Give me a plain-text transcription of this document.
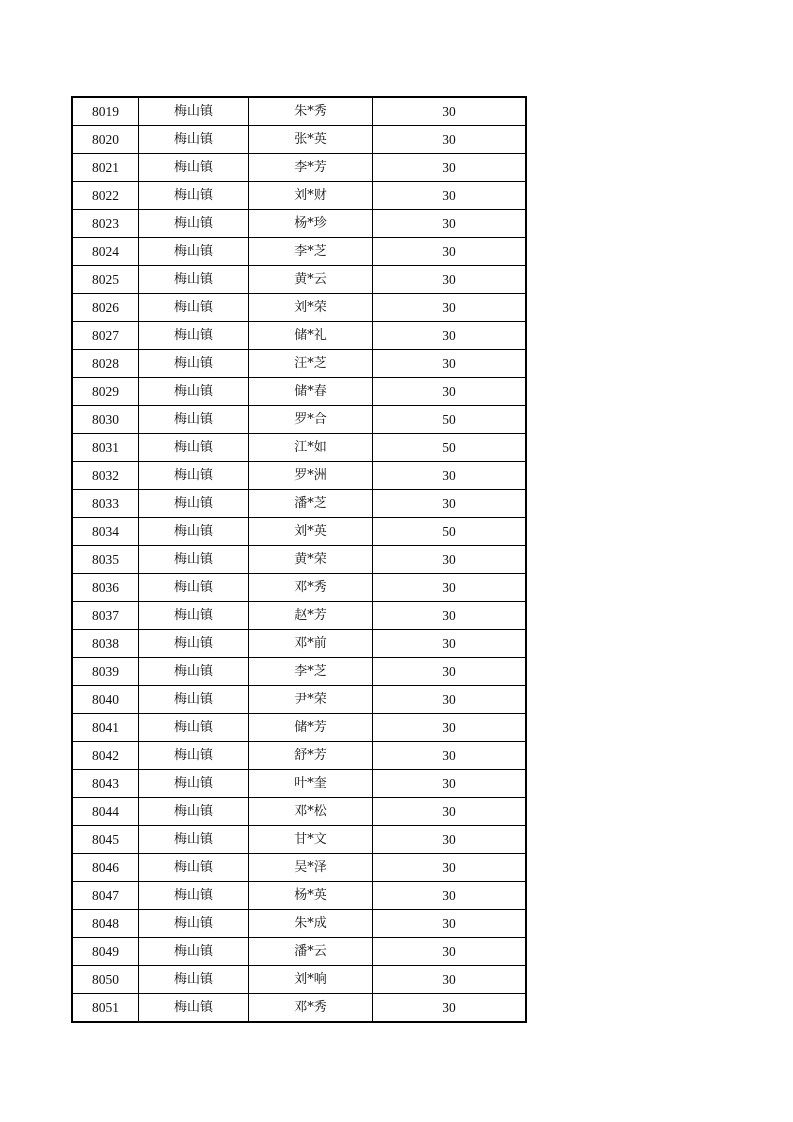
8019	梅山镇	朱*秀	30
8020	梅山镇	张*英	30
8021	梅山镇	李*芳	30
8022	梅山镇	刘*财	30
8023	梅山镇	杨*珍	30
8024	梅山镇	李*芝	30
8025	梅山镇	黄*云	30
8026	梅山镇	刘*荣	30
8027	梅山镇	储*礼	30
8028	梅山镇	汪*芝	30
8029	梅山镇	储*春	30
8030	梅山镇	罗*合	50
8031	梅山镇	江*如	50
8032	梅山镇	罗*洲	30
8033	梅山镇	潘*芝	30
8034	梅山镇	刘*英	50
8035	梅山镇	黄*荣	30
8036	梅山镇	邓*秀	30
8037	梅山镇	赵*芳	30
8038	梅山镇	邓*前	30
8039	梅山镇	李*芝	30
8040	梅山镇	尹*荣	30
8041	梅山镇	储*芳	30
8042	梅山镇	舒*芳	30
8043	梅山镇	叶*奎	30
8044	梅山镇	邓*松	30
8045	梅山镇	甘*文	30
8046	梅山镇	吴*泽	30
8047	梅山镇	杨*英	30
8048	梅山镇	朱*成	30
8049	梅山镇	潘*云	30
8050	梅山镇	刘*响	30
8051	梅山镇	邓*秀	30
